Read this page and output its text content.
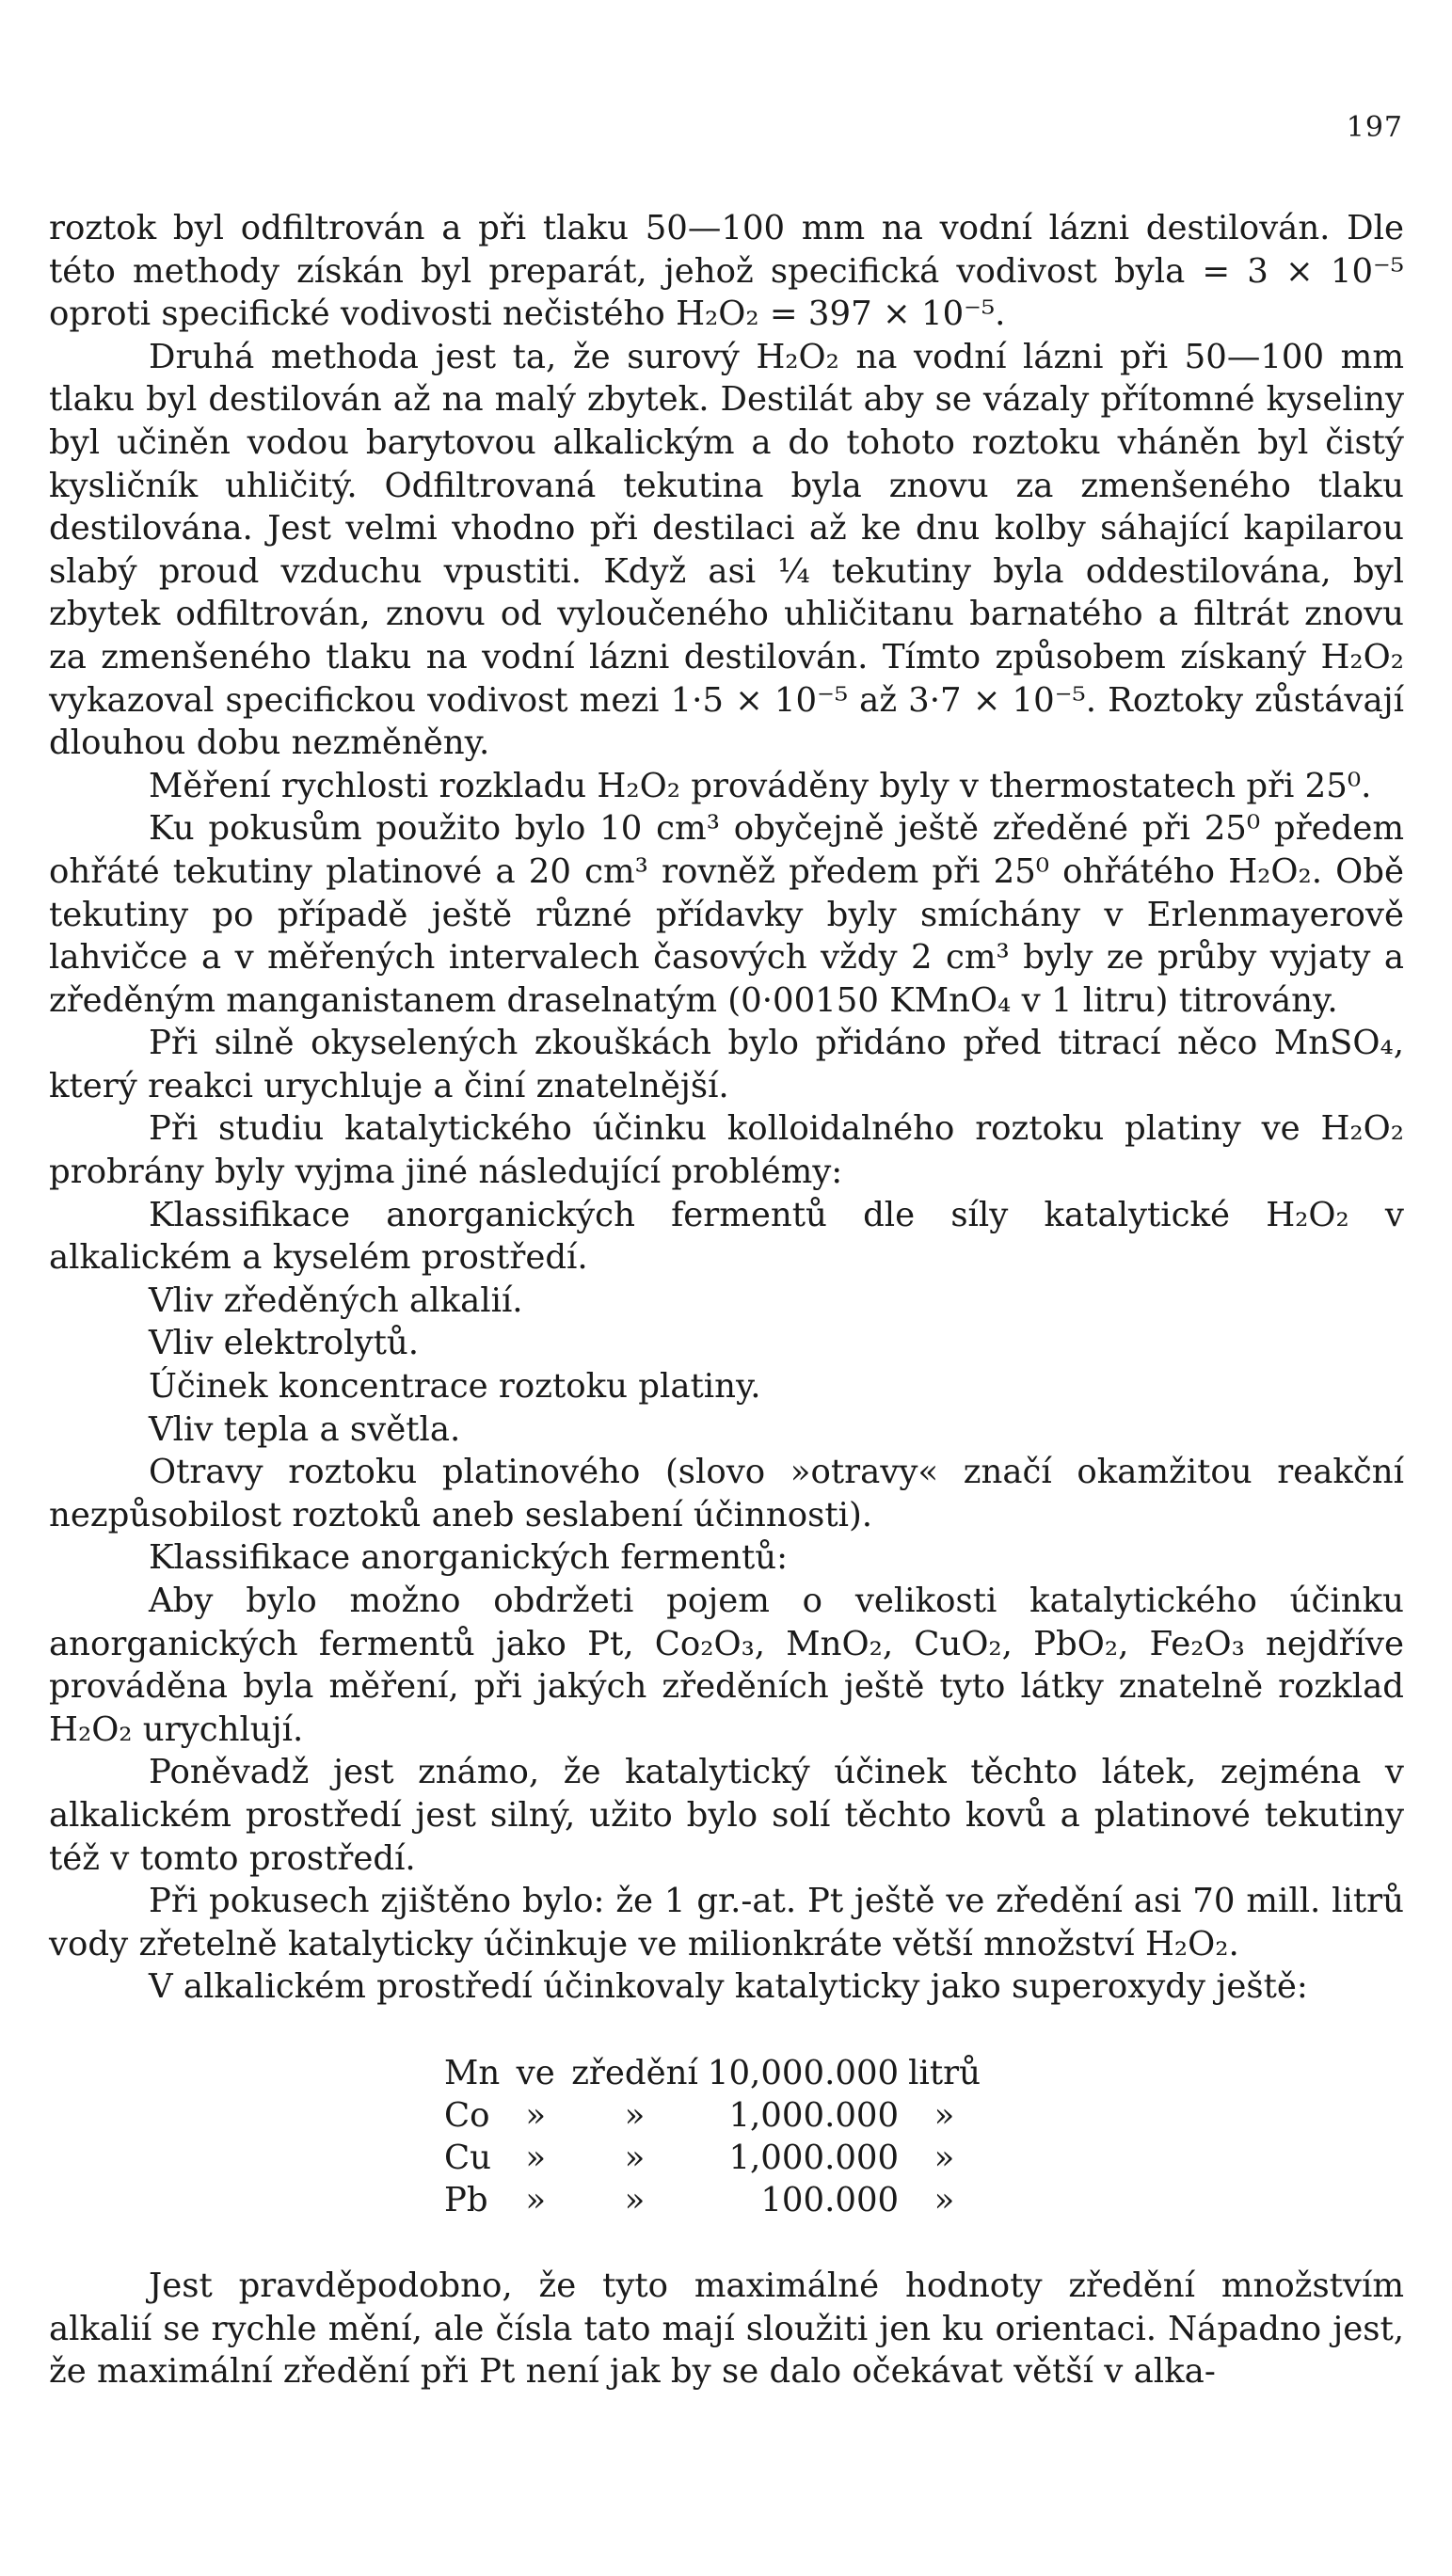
197

roztok byl odfiltrován a při tlaku 50—100 mm na vodní lázni destilován. Dle této methody získán byl preparát, jehož specifická vodivost byla = 3 × 10⁻⁵ oproti specifické vodivosti nečistého H₂O₂ = 397 × 10⁻⁵.

Druhá methoda jest ta, že surový H₂O₂ na vodní lázni při 50—100 mm tlaku byl destilován až na malý zbytek. Destilát aby se vázaly přítomné kyseliny byl učiněn vodou barytovou alkalickým a do tohoto roztoku vháněn byl čistý kysličník uhličitý. Odfiltrovaná tekutina byla znovu za zmenšeného tlaku destilována. Jest velmi vhodno při destilaci až ke dnu kolby sáhající kapilarou slabý proud vzduchu vpustiti. Když asi ¼ tekutiny byla oddestilována, byl zbytek odfiltrován, znovu od vyloučeného uhličitanu barnatého a filtrát znovu za zmenšeného tlaku na vodní lázni destilován. Tímto způsobem získaný H₂O₂ vykazoval specifickou vodivost mezi 1·5 × 10⁻⁵ až 3·7 × 10⁻⁵. Roztoky zůstávají dlouhou dobu nezměněny.

Měření rychlosti rozkladu H₂O₂ prováděny byly v thermostatech při 25⁰.

Ku pokusům použito bylo 10 cm³ obyčejně ještě zředěné při 25⁰ předem ohřáté tekutiny platinové a 20 cm³ rovněž předem při 25⁰ ohřátého H₂O₂. Obě tekutiny po případě ještě různé přídavky byly smíchány v Erlenmayerově lahvičce a v měřených intervalech časových vždy 2 cm³ byly ze průby vyjaty a zředěným manganistanem draselnatým (0·00150 KMnO₄ v 1 litru) titrovány.

Při silně okyselených zkouškách bylo přidáno před titrací něco MnSO₄, který reakci urychluje a činí znatelnější.

Při studiu katalytického účinku kolloidalného roztoku platiny ve H₂O₂ probrány byly vyjma jiné následující problémy:

Klassifikace anorganických fermentů dle síly katalytické H₂O₂ v alkalickém a kyselém prostředí.

Vliv zředěných alkalií.

Vliv elektrolytů.

Účinek koncentrace roztoku platiny.

Vliv tepla a světla.

Otravy roztoku platinového (slovo »otravy« značí okamžitou reakční nezpůsobilost roztoků aneb seslabení účinnosti).

Klassifikace anorganických fermentů:

Aby bylo možno obdržeti pojem o velikosti katalytického účinku anorganických fermentů jako Pt, Co₂O₃, MnO₂, CuO₂, PbO₂, Fe₂O₃ nejdříve prováděna byla měření, při jakých zředěních ještě tyto látky znatelně rozklad H₂O₂ urychlují.

Poněvadž jest známo, že katalytický účinek těchto látek, zejména v alkalickém prostředí jest silný, užito bylo solí těchto kovů a platinové tekutiny též v tomto prostředí.

Při pokusech zjištěno bylo: že 1 gr.-at. Pt ještě ve zředění asi 70 mill. litrů vody zřetelně katalyticky účinkuje ve milionkráte větší množství H₂O₂.

V alkalickém prostředí účinkovaly katalyticky jako superoxydy ještě:

Mn	ve	zředění	10,000.000	litrů
Co	»	»	1,000.000	»
Cu	»	»	1,000.000	»
Pb	»	»	100.000	»

Jest pravděpodobno, že tyto maximálné hodnoty zředění množstvím alkalií se rychle mění, ale čísla tato mají sloužiti jen ku orientaci. Nápadno jest, že maximální zředění při Pt není jak by se dalo očekávat větší v alka-
